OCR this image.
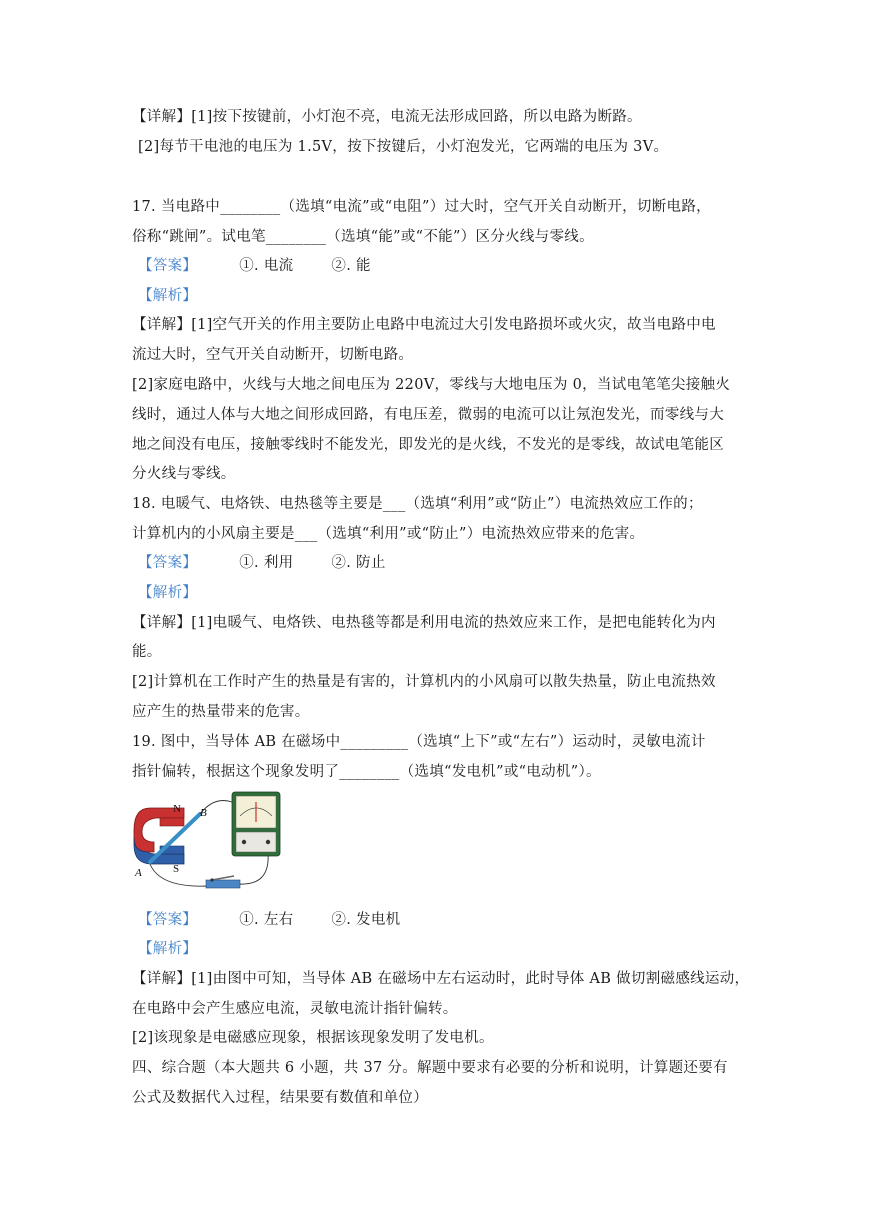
【详解】[1]按下按键前，小灯泡不亮，电流无法形成回路，所以电路为断路。
[2]每节干电池的电压为 1.5V，按下按键后，小灯泡发光，它两端的电压为 3V。
17. 当电路中________（选填“电流”或“电阻”）过大时，空气开关自动断开，切断电路，
俗称“跳闸”。试电笔________（选填“能”或“不能”）区分火线与零线。
【答案】	①. 电流	②. 能
【解析】
【详解】[1]空气开关的作用主要防止电路中电流过大引发电路损坏或火灾，故当电路中电
流过大时，空气开关自动断开，切断电路。
[2]家庭电路中，火线与大地之间电压为 220V，零线与大地电压为 0，当试电笔笔尖接触火
线时，通过人体与大地之间形成回路，有电压差，微弱的电流可以让氖泡发光，而零线与大
地之间没有电压，接触零线时不能发光，即发光的是火线，不发光的是零线，故试电笔能区
分火线与零线。
18. 电暖气、电烙铁、电热毯等主要是___（选填“利用”或“防止”）电流热效应工作的；
计算机内的小风扇主要是___（选填“利用”或“防止”）电流热效应带来的危害。
【答案】	①. 利用	②. 防止
【解析】
【详解】[1]电暖气、电烙铁、电热毯等都是利用电流的热效应来工作，是把电能转化为内
能。
[2]计算机在工作时产生的热量是有害的，计算机内的小风扇可以散失热量，防止电流热效
应产生的热量带来的危害。
19. 图中，当导体 AB 在磁场中_________（选填“上下”或“左右”）运动时，灵敏电流计
指针偏转，根据这个现象发明了________（选填“发电机”或“电动机”）。
N
S
A
B
【答案】	①. 左右	②. 发电机
【解析】
【详解】[1]由图中可知，当导体 AB 在磁场中左右运动时，此时导体 AB 做切割磁感线运动，
在电路中会产生感应电流，灵敏电流计指针偏转。
[2]该现象是电磁感应现象，根据该现象发明了发电机。
四、综合题（本大题共 6 小题，共 37 分。解题中要求有必要的分析和说明，计算题还要有
公式及数据代入过程，结果要有数值和单位）
